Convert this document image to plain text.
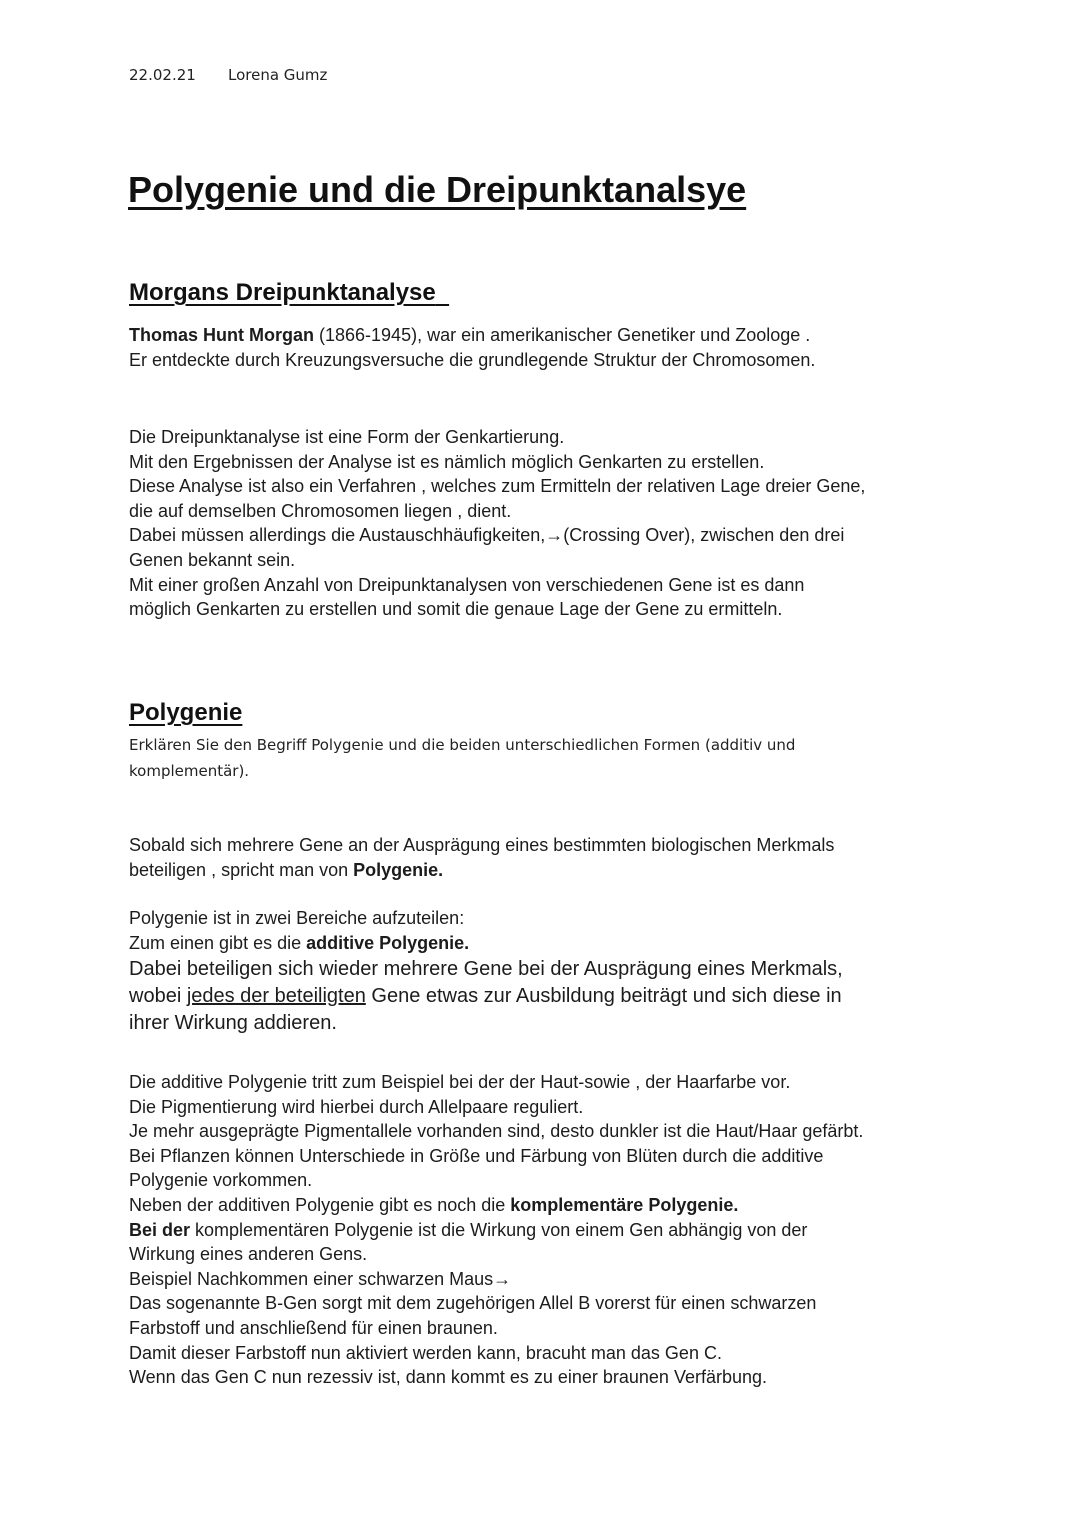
22.02.21 Lorena Gumz
Polygenie und die Dreipunktanalsye
Morgans Dreipunktanalyse
Thomas Hunt Morgan (1866-1945), war ein amerikanischer Genetiker und Zoologe .
Er entdeckte durch Kreuzungsversuche die grundlegende Struktur der Chromosomen.
Die Dreipunktanalyse ist eine Form der Genkartierung.
Mit den Ergebnissen der Analyse ist es nämlich möglich Genkarten zu erstellen.
Diese Analyse ist also ein Verfahren , welches zum Ermitteln der relativen Lage dreier Gene,
die auf demselben Chromosomen liegen , dient.
Dabei müssen allerdings die Austauschhäufigkeiten,→(Crossing Over), zwischen den drei
Genen bekannt sein.
Mit einer großen Anzahl von Dreipunktanalysen von verschiedenen Gene ist es dann
möglich Genkarten zu erstellen und somit die genaue Lage der Gene zu ermitteln.
Polygenie
Erklären Sie den Begriff Polygenie und die beiden unterschiedlichen Formen (additiv und
komplementär).
Sobald sich mehrere Gene an der Ausprägung eines bestimmten biologischen Merkmals
beteiligen , spricht man von Polygenie.
Polygenie ist in zwei Bereiche aufzuteilen:
Zum einen gibt es die additive Polygenie.
Dabei beteiligen sich wieder mehrere Gene bei der Ausprägung eines Merkmals,
wobei jedes der beteiligten Gene etwas zur Ausbildung beiträgt und sich diese in
ihrer Wirkung addieren.
Die additive Polygenie tritt zum Beispiel bei der der Haut-sowie , der Haarfarbe vor.
Die Pigmentierung wird hierbei durch Allelpaare reguliert.
Je mehr ausgeprägte Pigmentallele vorhanden sind, desto dunkler ist die Haut/Haar gefärbt.
Bei Pflanzen können Unterschiede in Größe und Färbung von Blüten durch die additive
Polygenie vorkommen.
Neben der additiven Polygenie gibt es noch die komplementäre Polygenie.
Bei der komplementären Polygenie ist die Wirkung von einem Gen abhängig von der
Wirkung eines anderen Gens.
Beispiel Nachkommen einer schwarzen Maus→
Das sogenannte B-Gen sorgt mit dem zugehörigen Allel B vorerst für einen schwarzen
Farbstoff und anschließend für einen braunen.
Damit dieser Farbstoff nun aktiviert werden kann, bracuht man das Gen C.
Wenn das Gen C nun rezessiv ist, dann kommt es zu einer braunen Verfärbung.
